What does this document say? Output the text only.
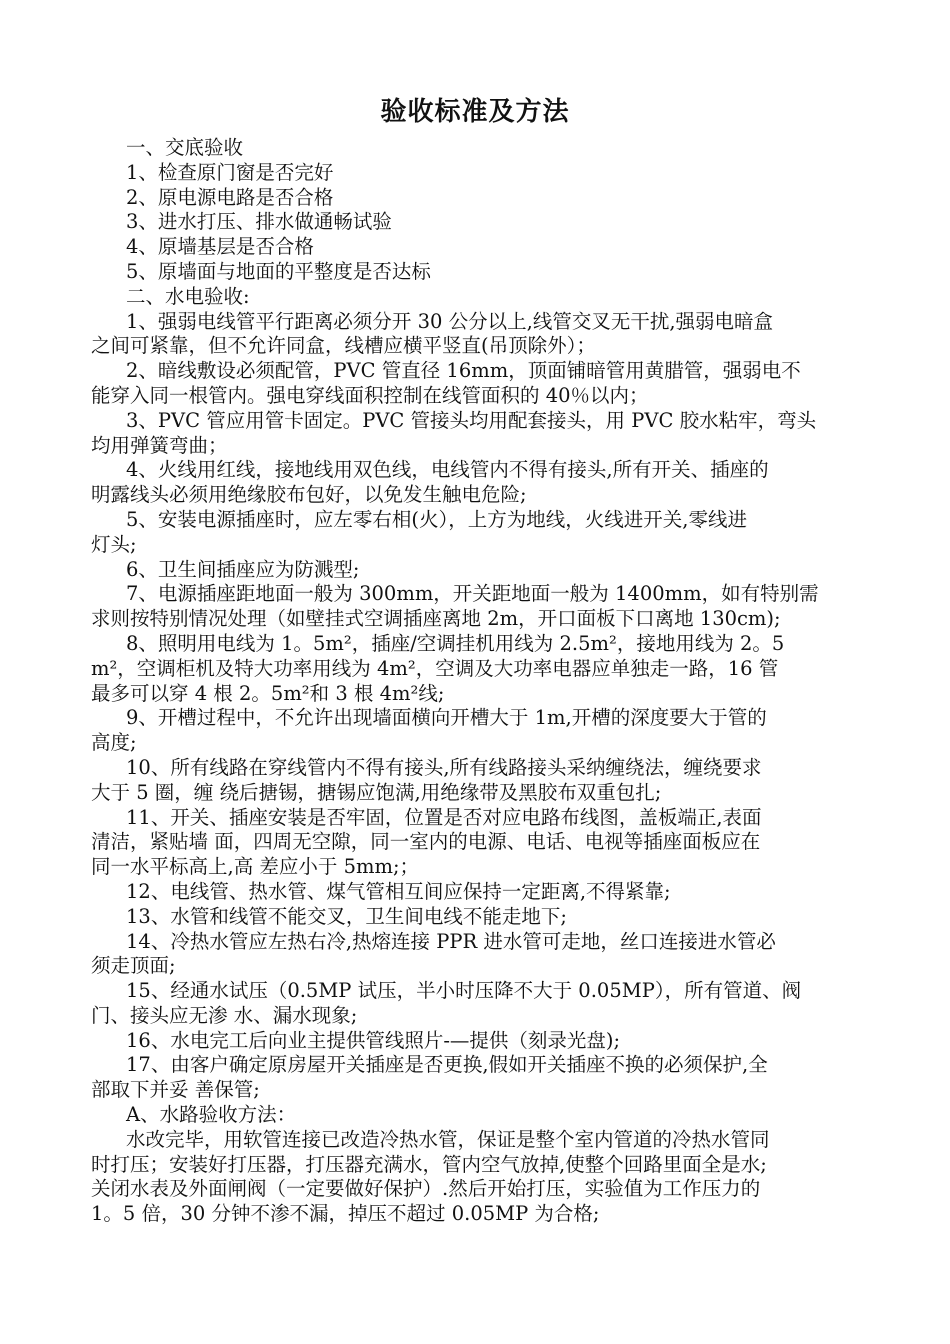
验收标准及方法
一、交底验收
1、检查原门窗是否完好
2、原电源电路是否合格
3、进水打压、排水做通畅试验
4、原墙基层是否合格
5、原墙面与地面的平整度是否达标
二、水电验收:
1、强弱电线管平行距离必须分开 30 公分以上,线管交叉无干扰,强弱电暗盒
之间可紧靠，但不允许同盒，线槽应横平竖直(吊顶除外）；
2、暗线敷设必须配管，PVC 管直径 16mm，顶面铺暗管用黄腊管，强弱电不
能穿入同一根管内。强电穿线面积控制在线管面积的 40％以内；
3、PVC 管应用管卡固定。PVC 管接头均用配套接头，用 PVC 胶水粘牢，弯头
均用弹簧弯曲；
4、火线用红线，接地线用双色线，电线管内不得有接头,所有开关、插座的
明露线头必须用绝缘胶布包好，以免发生触电危险;
5、安装电源插座时，应左零右相(火），上方为地线，火线进开关,零线进
灯头;
6、卫生间插座应为防溅型;
7、电源插座距地面一般为 300mm，开关距地面一般为 1400mm，如有特别需
求则按特别情况处理（如壁挂式空调插座离地 2m，开口面板下口离地 130cm);
8、照明用电线为 1。5m²，插座/空调挂机用线为 2.5m²，接地用线为 2。5
m²，空调柜机及特大功率用线为 4m²，空调及大功率电器应单独走一路，16 管
最多可以穿 4 根 2。5m²和 3 根 4m²线;
9、开槽过程中，不允许出现墙面横向开槽大于 1m,开槽的深度要大于管的
高度;
10、所有线路在穿线管内不得有接头,所有线路接头采纳缠绕法，缠绕要求
大于 5 圈，缠 绕后搪锡，搪锡应饱满,用绝缘带及黑胶布双重包扎;
11、开关、插座安装是否牢固，位置是否对应电路布线图，盖板端正,表面
清洁，紧贴墙 面，四周无空隙，同一室内的电源、电话、电视等插座面板应在
同一水平标高上,高 差应小于 5mm;；
12、电线管、热水管、煤气管相互间应保持一定距离,不得紧靠;
13、水管和线管不能交叉，卫生间电线不能走地下;
14、冷热水管应左热右冷,热熔连接 PPR 进水管可走地，丝口连接进水管必
须走顶面;
15、经通水试压（0.5MP 试压，半小时压降不大于 0.05MP），所有管道、阀
门、接头应无渗 水、漏水现象;
16、水电完工后向业主提供管线照片-—提供（刻录光盘);
17、由客户确定原房屋开关插座是否更换,假如开关插座不换的必须保护,全
部取下并妥 善保管;
A、水路验收方法：
水改完毕，用软管连接已改造冷热水管，保证是整个室内管道的冷热水管同
时打压；安装好打压器，打压器充满水，管内空气放掉,使整个回路里面全是水;
关闭水表及外面闸阀（一定要做好保护）.然后开始打压，实验值为工作压力的
1。5 倍，30 分钟不渗不漏，掉压不超过 0.05MP 为合格;
